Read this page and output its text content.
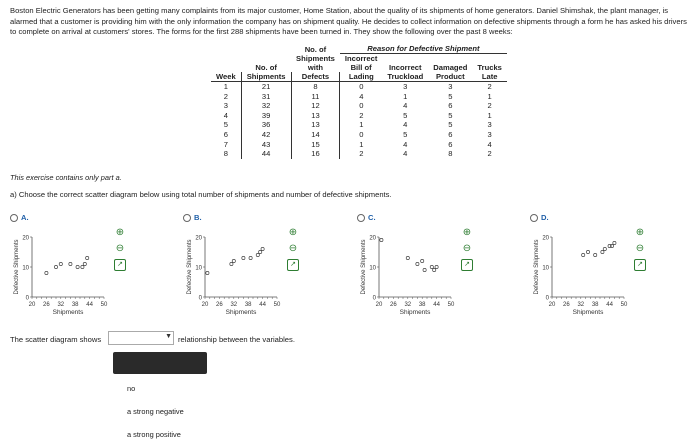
Boston Electric Generators has been getting many complaints from its major customer, Home Station, about the quality of its shipments of home generators. Daniel Shimshak, the plant manager, is alarmed that a customer is providing him with the only information the company has on shipment quality. He decides to collect information on defective shipments through a form he has asked his drivers to complete on arrival at customers' stores. The forms for the first 288 shipments have been turned in. They show the following over the past 8 weeks:

		No. of	Reason for Defective Shipment			
		Shipments	Incorrect			
	No. of	with	Bill of	Incorrect	Damaged	Trucks
Week	Shipments	Defects	Lading	Truckload	Product	Late
1	21	8	0	3	3	2
2	31	11	4	1	5	1
3	32	12	0	4	6	2
4	39	13	2	5	5	1
5	36	13	1	4	5	3
6	42	14	0	5	6	3
7	43	15	1	4	6	4
8	44	16	2	4	8	2

This exercise contains only part a.

a) Choose the correct scatter diagram below using total number of shipments and number of defective shipments.

A.
0
10
20
20 26 32 38 44 50
Shipments
Defective Shipments
⊕
⊖
↗
B.
0
10
20
20 26 32 38 44 50
Shipments
Defective Shipments
⊕
⊖
↗
C.
0
10
20
20 26 32 38 44 50
Shipments
Defective Shipments
⊕
⊖
↗
D.
0
10
20
20 26 32 38 44 50
Shipments
Defective Shipments
⊕
⊖
↗
The scatter diagram shows	▼ relationship between the variables.
no
a strong negative
a strong positive
